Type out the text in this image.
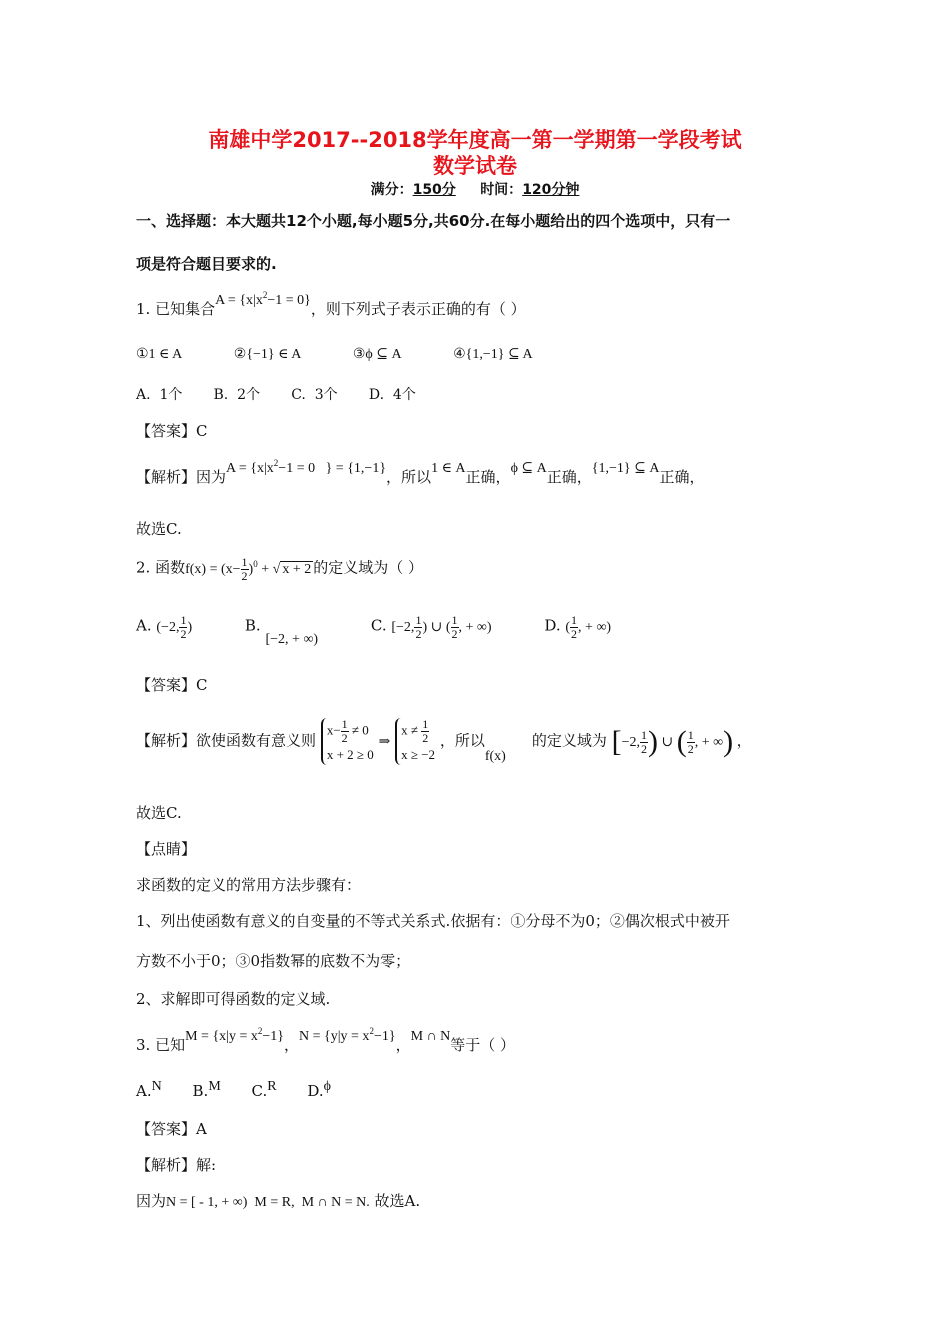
南雄中学2017--2018学年度高一第一学期第一学段考试
数学试卷
满分：150分 时间：120分钟
一、选择题：本大题共12个小题,每小题5分,共60分.在每小题给出的四个选项中，只有一
项是符合题目要求的.
1. 已知集合$A = \{x|x^2-1 = 0\}$，则下列式子表示正确的有（ ）
①1 ∈ A	②{−1} ∈ A	③ϕ ⊆ A	④{1,−1} ⊆ A
A.  1个       B.  2个       C.  3个       D.  4个
【答案】C
【解析】因为$A = \{x|x^2-1 = 0$   } = {1,−1}，所以1 ∈ A正确，ϕ ⊆ A正确，{1,−1} ⊆ A正确，
故选C.
2. 函数$f(x) = (x- \frac{1}{2} )^0$ + √ x + 2 的定义域为（ ）
A. (−2, $\frac{1}{2}$ )	B. [−2, + ∞) C. [−2, $\frac{1}{2}$ ) ∪ ( $\frac{1}{2}$ , + ∞)	D. ( $\frac{1}{2}$ , + ∞)
【答案】C
【解析】欲使函数有意义则
$x- \frac{1}{2} \ne 0$
x + 2 ≥ 0
⇒
$x \ne \frac{1}{2}$
x ≥ −2
，所以f(x)的定义域为 [−2, $\frac{1}{2}$ ) ∪ ( $\frac{1}{2}$ , + ∞) ，
故选C.
【点睛】
求函数的定义的常用方法步骤有：
1、列出使函数有意义的自变量的不等式关系式.依据有：①分母不为0；②偶次根式中被开
方数不小于0；③0指数幂的底数不为零；
2、求解即可得函数的定义域.
3. 已知$M = \{x|y = x^2-1\}$，$N = \{y|y = x^2-1\}$，M ∩ N等于（ ）
A.N B.M C.R D.ϕ
【答案】A
【解析】解:
因为N = [ - 1, + ∞)  M = R,  M ∩ N = N. 故选A.
